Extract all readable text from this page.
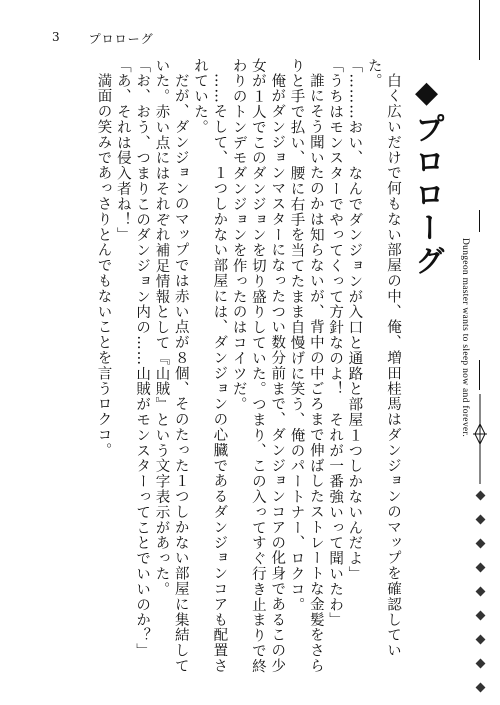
3 プロローグ

白く広いだけで何もない部屋の中、俺、増田桂馬はダンジョンのマップを確認していた。

「………おい、なんでダンジョンが入口と通路と部屋１つしかないんだよ」

「うちはモンスターでやってくって方針なのよ！　それが一番強いって聞いたわ」

誰にそう聞いたのかは知らないが、背中の中ごろまで伸ばしたストレートな金髪をさらりと手で払い、腰に右手を当てたまま自慢げに笑う、俺のパートナー、ロクコ。

俺がダンジョンマスターになったつい数分前まで、ダンジョンコアの化身であるこの少女が１人でこのダンジョンを切り盛りしていた。つまり、この入ってすぐ行き止まりで終わりのトンデモダンジョンを作ったのはコイツだ。

……そして、１つしかない部屋には、ダンジョンの心臓であるダンジョンコアも配置されていた。

だが、ダンジョンのマップでは赤い点が８個、そのたった１つしかない部屋に集結していた。赤い点にはそれぞれ補足情報として『山賊』という文字表示があった。

「お、おう、つまりこのダンジョン内の……山賊がモンスターってことでいいのか？」

「あ、それは侵入者ね！」

満面の笑みであっさりとんでもないことを言うロクコ。	◆プロローグ
Dungeon master wants to sleep now and forever.
